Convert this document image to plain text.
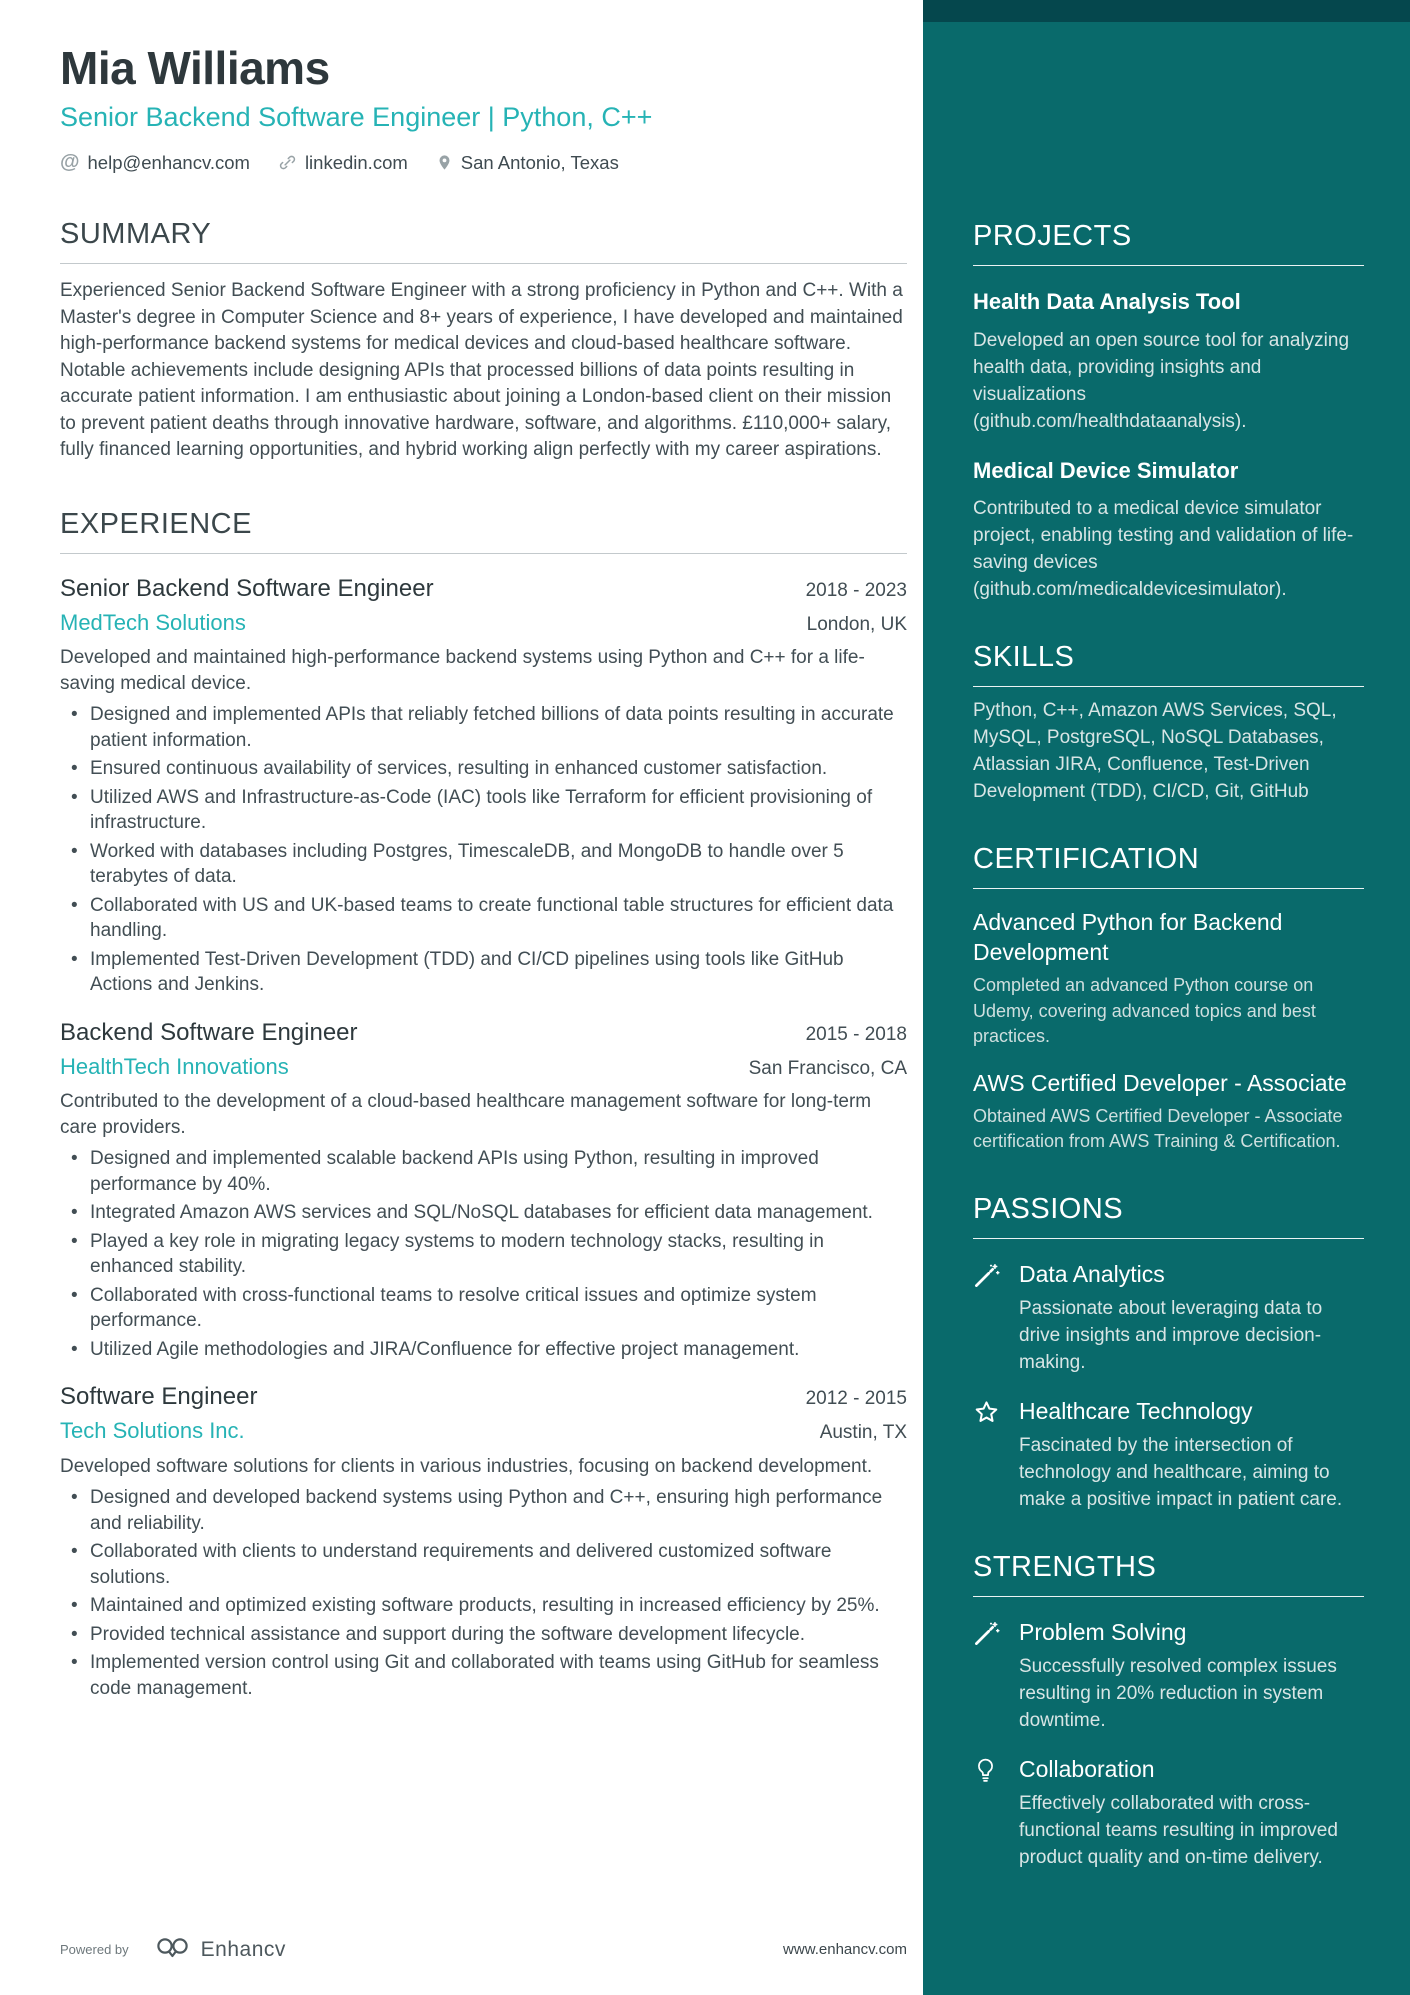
Mia Williams
Senior Backend Software Engineer | Python, C++
@ help@enhancv.com	linkedin.com	San Antonio, Texas
SUMMARY

Experienced Senior Backend Software Engineer with a strong proficiency in Python and C++. With a Master's degree in Computer Science and 8+ years of experience, I have developed and maintained high-performance backend systems for medical devices and cloud-based healthcare software. Notable achievements include designing APIs that processed billions of data points resulting in accurate patient information. I am enthusiastic about joining a London-based client on their mission to prevent patient deaths through innovative hardware, software, and algorithms. £110,000+ salary, fully financed learning opportunities, and hybrid working align perfectly with my career aspirations.

EXPERIENCE
Senior Backend Software Engineer	2018 - 2023
MedTech Solutions	London, UK

Developed and maintained high-performance backend systems using Python and C++ for a life-saving medical device.

• Designed and implemented APIs that reliably fetched billions of data points resulting in accurate patient information.
• Ensured continuous availability of services, resulting in enhanced customer satisfaction.
• Utilized AWS and Infrastructure-as-Code (IAC) tools like Terraform for efficient provisioning of infrastructure.
• Worked with databases including Postgres, TimescaleDB, and MongoDB to handle over 5 terabytes of data.
• Collaborated with US and UK-based teams to create functional table structures for efficient data handling.
• Implemented Test-Driven Development (TDD) and CI/CD pipelines using tools like GitHub Actions and Jenkins.
Backend Software Engineer	2015 - 2018
HealthTech Innovations	San Francisco, CA

Contributed to the development of a cloud-based healthcare management software for long-term care providers.

• Designed and implemented scalable backend APIs using Python, resulting in improved performance by 40%.
• Integrated Amazon AWS services and SQL/NoSQL databases for efficient data management.
• Played a key role in migrating legacy systems to modern technology stacks, resulting in enhanced stability.
• Collaborated with cross-functional teams to resolve critical issues and optimize system performance.
• Utilized Agile methodologies and JIRA/Confluence for effective project management.
Software Engineer	2012 - 2015
Tech Solutions Inc.	Austin, TX

Developed software solutions for clients in various industries, focusing on backend development.

• Designed and developed backend systems using Python and C++, ensuring high performance and reliability.
• Collaborated with clients to understand requirements and delivered customized software solutions.
• Maintained and optimized existing software products, resulting in increased efficiency by 25%.
• Provided technical assistance and support during the software development lifecycle.
• Implemented version control using Git and collaborated with teams using GitHub for seamless code management.
Powered by	Enhancv	www.enhancv.com
PROJECTS
Health Data Analysis Tool
Developed an open source tool for analyzing health data, providing insights and visualizations (github.com/healthdataanalysis).
Medical Device Simulator
Contributed to a medical device simulator project, enabling testing and validation of life-saving devices (github.com/medicaldevicesimulator).
SKILLS
Python, C++, Amazon AWS Services, SQL, MySQL, PostgreSQL, NoSQL Databases, Atlassian JIRA, Confluence, Test-Driven Development (TDD), CI/CD, Git, GitHub
CERTIFICATION
Advanced Python for Backend Development
Completed an advanced Python course on Udemy, covering advanced topics and best practices.
AWS Certified Developer - Associate
Obtained AWS Certified Developer - Associate certification from AWS Training & Certification.
PASSIONS
Data Analytics
Passionate about leveraging data to drive insights and improve decision-making.
Healthcare Technology
Fascinated by the intersection of technology and healthcare, aiming to make a positive impact in patient care.
STRENGTHS
Problem Solving
Successfully resolved complex issues resulting in 20% reduction in system downtime.
Collaboration
Effectively collaborated with cross-functional teams resulting in improved product quality and on-time delivery.
